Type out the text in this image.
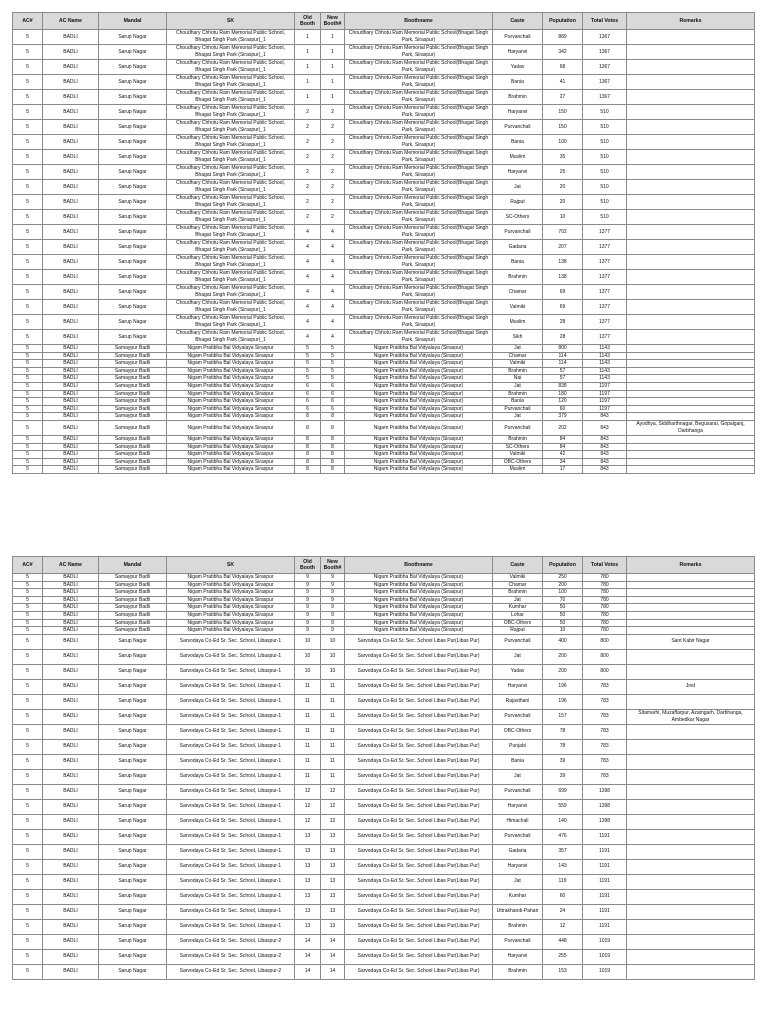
AC#	AC Name	Mandal	SK	Old Booth	New Booth#	Boothname	Caste	Population	Total Votes	Remarks
5	BADLI	Sarup Nagar	Choudhary Chhotu Ram Memorial Public School, Bhagat Singh Park (Siraspur)_1	1	1	Choudhary Chhotu Ram Memorial Public School(Bhagat Singh Park, Siraspur)	Purvanchali	889	1367	
5	BADLI	Sarup Nagar	Choudhary Chhotu Ram Memorial Public School, Bhagat Singh Park (Siraspur)_1	1	1	Choudhary Chhotu Ram Memorial Public School(Bhagat Singh Park, Siraspur)	Haryanvi	342	1367	
5	BADLI	Sarup Nagar	Choudhary Chhotu Ram Memorial Public School, Bhagat Singh Park (Siraspur)_1	1	1	Choudhary Chhotu Ram Memorial Public School(Bhagat Singh Park, Siraspur)	Yadav	68	1367	
5	BADLI	Sarup Nagar	Choudhary Chhotu Ram Memorial Public School, Bhagat Singh Park (Siraspur)_1	1	1	Choudhary Chhotu Ram Memorial Public School(Bhagat Singh Park, Siraspur)	Bania	41	1367	
5	BADLI	Sarup Nagar	Choudhary Chhotu Ram Memorial Public School, Bhagat Singh Park (Siraspur)_1	1	1	Choudhary Chhotu Ram Memorial Public School(Bhagat Singh Park, Siraspur)	Brahmin	27	1367	
5	BADLI	Sarup Nagar	Choudhary Chhotu Ram Memorial Public School, Bhagat Singh Park (Siraspur)_1	2	2	Choudhary Chhotu Ram Memorial Public School(Bhagat Singh Park, Siraspur)	Haryanvi	150	510	
5	BADLI	Sarup Nagar	Choudhary Chhotu Ram Memorial Public School, Bhagat Singh Park (Siraspur)_1	2	2	Choudhary Chhotu Ram Memorial Public School(Bhagat Singh Park, Siraspur)	Purvanchali	150	510	
5	BADLI	Sarup Nagar	Choudhary Chhotu Ram Memorial Public School, Bhagat Singh Park (Siraspur)_1	2	2	Choudhary Chhotu Ram Memorial Public School(Bhagat Singh Park, Siraspur)	Bania	100	510	
5	BADLI	Sarup Nagar	Choudhary Chhotu Ram Memorial Public School, Bhagat Singh Park (Siraspur)_1	2	2	Choudhary Chhotu Ram Memorial Public School(Bhagat Singh Park, Siraspur)	Muslim	35	510	
5	BADLI	Sarup Nagar	Choudhary Chhotu Ram Memorial Public School, Bhagat Singh Park (Siraspur)_1	2	2	Choudhary Chhotu Ram Memorial Public School(Bhagat Singh Park, Siraspur)	Haryanvi	25	510	
5	BADLI	Sarup Nagar	Choudhary Chhotu Ram Memorial Public School, Bhagat Singh Park (Siraspur)_1	2	2	Choudhary Chhotu Ram Memorial Public School(Bhagat Singh Park, Siraspur)	Jat	20	510	
5	BADLI	Sarup Nagar	Choudhary Chhotu Ram Memorial Public School, Bhagat Singh Park (Siraspur)_1	2	2	Choudhary Chhotu Ram Memorial Public School(Bhagat Singh Park, Siraspur)	Rajput	20	510	
5	BADLI	Sarup Nagar	Choudhary Chhotu Ram Memorial Public School, Bhagat Singh Park (Siraspur)_1	2	2	Choudhary Chhotu Ram Memorial Public School(Bhagat Singh Park, Siraspur)	SC-Others	10	510	
5	BADLI	Sarup Nagar	Choudhary Chhotu Ram Memorial Public School, Bhagat Singh Park (Siraspur)_1	4	4	Choudhary Chhotu Ram Memorial Public School(Bhagat Singh Park, Siraspur)	Purvanchali	702	1377	
5	BADLI	Sarup Nagar	Choudhary Chhotu Ram Memorial Public School, Bhagat Singh Park (Siraspur)_1	4	4	Choudhary Chhotu Ram Memorial Public School(Bhagat Singh Park, Siraspur)	Gadaria	207	1377	
5	BADLI	Sarup Nagar	Choudhary Chhotu Ram Memorial Public School, Bhagat Singh Park (Siraspur)_1	4	4	Choudhary Chhotu Ram Memorial Public School(Bhagat Singh Park, Siraspur)	Bania	138	1377	
5	BADLI	Sarup Nagar	Choudhary Chhotu Ram Memorial Public School, Bhagat Singh Park (Siraspur)_1	4	4	Choudhary Chhotu Ram Memorial Public School(Bhagat Singh Park, Siraspur)	Brahmin	138	1377	
5	BADLI	Sarup Nagar	Choudhary Chhotu Ram Memorial Public School, Bhagat Singh Park (Siraspur)_1	4	4	Choudhary Chhotu Ram Memorial Public School(Bhagat Singh Park, Siraspur)	Chamar	69	1377	
5	BADLI	Sarup Nagar	Choudhary Chhotu Ram Memorial Public School, Bhagat Singh Park (Siraspur)_1	4	4	Choudhary Chhotu Ram Memorial Public School(Bhagat Singh Park, Siraspur)	Valmiki	69	1377	
5	BADLI	Sarup Nagar	Choudhary Chhotu Ram Memorial Public School, Bhagat Singh Park (Siraspur)_1	4	4	Choudhary Chhotu Ram Memorial Public School(Bhagat Singh Park, Siraspur)	Muslim	28	1377	
5	BADLI	Sarup Nagar	Choudhary Chhotu Ram Memorial Public School, Bhagat Singh Park (Siraspur)_1	4	4	Choudhary Chhotu Ram Memorial Public School(Bhagat Singh Park, Siraspur)	Sikh	28	1377	
5	BADLI	Samaypur Badli	Nigam Pratibha Bal Vidyalaya Siraspur	5	5	Nigam Pratibha Bal Vidyalaya (Siraspur)	Jat	800	1143	
5	BADLI	Samaypur Badli	Nigam Pratibha Bal Vidyalaya Siraspur	5	5	Nigam Pratibha Bal Vidyalaya (Siraspur)	Chamar	114	1143	
5	BADLI	Samaypur Badli	Nigam Pratibha Bal Vidyalaya Siraspur	5	5	Nigam Pratibha Bal Vidyalaya (Siraspur)	Valmiki	114	1143	
5	BADLI	Samaypur Badli	Nigam Pratibha Bal Vidyalaya Siraspur	5	5	Nigam Pratibha Bal Vidyalaya (Siraspur)	Brahmin	57	1143	
5	BADLI	Samaypur Badli	Nigam Pratibha Bal Vidyalaya Siraspur	5	5	Nigam Pratibha Bal Vidyalaya (Siraspur)	Nai	57	1143	
5	BADLI	Samaypur Badli	Nigam Pratibha Bal Vidyalaya Siraspur	6	6	Nigam Pratibha Bal Vidyalaya (Siraspur)	Jat	838	1197	
5	BADLI	Samaypur Badli	Nigam Pratibha Bal Vidyalaya Siraspur	6	6	Nigam Pratibha Bal Vidyalaya (Siraspur)	Brahmin	180	1197	
5	BADLI	Samaypur Badli	Nigam Pratibha Bal Vidyalaya Siraspur	6	6	Nigam Pratibha Bal Vidyalaya (Siraspur)	Bania	120	1197	
5	BADLI	Samaypur Badli	Nigam Pratibha Bal Vidyalaya Siraspur	6	6	Nigam Pratibha Bal Vidyalaya (Siraspur)	Purvanchali	60	1197	
5	BADLI	Samaypur Badli	Nigam Pratibha Bal Vidyalaya Siraspur	8	8	Nigam Pratibha Bal Vidyalaya (Siraspur)	Jat	379	843	
5	BADLI	Samaypur Badli	Nigam Pratibha Bal Vidyalaya Siraspur	8	8	Nigam Pratibha Bal Vidyalaya (Siraspur)	Purvanchali	202	843	Ayodhya, Siddharthnagar, Begusarai, Gopalganj, Darbhanga
5	BADLI	Samaypur Badli	Nigam Pratibha Bal Vidyalaya Siraspur	8	8	Nigam Pratibha Bal Vidyalaya (Siraspur)	Brahmin	84	843	
5	BADLI	Samaypur Badli	Nigam Pratibha Bal Vidyalaya Siraspur	8	8	Nigam Pratibha Bal Vidyalaya (Siraspur)	SC-Others	84	843	
5	BADLI	Samaypur Badli	Nigam Pratibha Bal Vidyalaya Siraspur	8	8	Nigam Pratibha Bal Vidyalaya (Siraspur)	Valmiki	42	843	
5	BADLI	Samaypur Badli	Nigam Pratibha Bal Vidyalaya Siraspur	8	8	Nigam Pratibha Bal Vidyalaya (Siraspur)	OBC-Others	34	843	
5	BADLI	Samaypur Badli	Nigam Pratibha Bal Vidyalaya Siraspur	8	8	Nigam Pratibha Bal Vidyalaya (Siraspur)	Muslim	17	843	
AC#	AC Name	Mandal	SK	Old Booth	New Booth#	Boothname	Caste	Population	Total Votes	Remarks
5	BADLI	Samaypur Badli	Nigam Pratibha Bal Vidyalaya Siraspur	9	9	Nigam Pratibha Bal Vidyalaya (Siraspur)	Valmiki	250	780	
5	BADLI	Samaypur Badli	Nigam Pratibha Bal Vidyalaya Siraspur	9	9	Nigam Pratibha Bal Vidyalaya (Siraspur)	Chamar	200	780	
5	BADLI	Samaypur Badli	Nigam Pratibha Bal Vidyalaya Siraspur	9	9	Nigam Pratibha Bal Vidyalaya (Siraspur)	Brahmin	100	780	
5	BADLI	Samaypur Badli	Nigam Pratibha Bal Vidyalaya Siraspur	9	9	Nigam Pratibha Bal Vidyalaya (Siraspur)	Jat	70	780	
5	BADLI	Samaypur Badli	Nigam Pratibha Bal Vidyalaya Siraspur	9	9	Nigam Pratibha Bal Vidyalaya (Siraspur)	Kumhar	50	780	
5	BADLI	Samaypur Badli	Nigam Pratibha Bal Vidyalaya Siraspur	9	9	Nigam Pratibha Bal Vidyalaya (Siraspur)	Lohar	50	780	
5	BADLI	Samaypur Badli	Nigam Pratibha Bal Vidyalaya Siraspur	9	9	Nigam Pratibha Bal Vidyalaya (Siraspur)	OBC-Others	50	780	
5	BADLI	Samaypur Badli	Nigam Pratibha Bal Vidyalaya Siraspur	9	9	Nigam Pratibha Bal Vidyalaya (Siraspur)	Rajput	10	780	
5	BADLI	Sarup Nagar	Sarvodaya Co-Ed Sr. Sec. School, Libaspur-1	10	10	Sarvodaya Co-Ed Sr. Sec. School Libas Pur(Libas Pur)	Purvanchali	400	800	Sant Kabir Nagar
5	BADLI	Sarup Nagar	Sarvodaya Co-Ed Sr. Sec. School, Libaspur-1	10	10	Sarvodaya Co-Ed Sr. Sec. School Libas Pur(Libas Pur)	Jat	200	800	
5	BADLI	Sarup Nagar	Sarvodaya Co-Ed Sr. Sec. School, Libaspur-1	10	10	Sarvodaya Co-Ed Sr. Sec. School Libas Pur(Libas Pur)	Yadav	200	800	
5	BADLI	Sarup Nagar	Sarvodaya Co-Ed Sr. Sec. School, Libaspur-1	11	11	Sarvodaya Co-Ed Sr. Sec. School Libas Pur(Libas Pur)	Haryanvi	196	783	Jind
5	BADLI	Sarup Nagar	Sarvodaya Co-Ed Sr. Sec. School, Libaspur-1	11	11	Sarvodaya Co-Ed Sr. Sec. School Libas Pur(Libas Pur)	Rajasthani	196	783	
5	BADLI	Sarup Nagar	Sarvodaya Co-Ed Sr. Sec. School, Libaspur-1	11	11	Sarvodaya Co-Ed Sr. Sec. School Libas Pur(Libas Pur)	Purvanchali	157	783	Sitamarhi, Muzaffarpur, Azamgarh, Darbhanga, Ambedkar Nagar
5	BADLI	Sarup Nagar	Sarvodaya Co-Ed Sr. Sec. School, Libaspur-1	11	11	Sarvodaya Co-Ed Sr. Sec. School Libas Pur(Libas Pur)	OBC-Others	78	783	
5	BADLI	Sarup Nagar	Sarvodaya Co-Ed Sr. Sec. School, Libaspur-1	11	11	Sarvodaya Co-Ed Sr. Sec. School Libas Pur(Libas Pur)	Punjabi	78	783	
5	BADLI	Sarup Nagar	Sarvodaya Co-Ed Sr. Sec. School, Libaspur-1	11	11	Sarvodaya Co-Ed Sr. Sec. School Libas Pur(Libas Pur)	Bania	39	783	
5	BADLI	Sarup Nagar	Sarvodaya Co-Ed Sr. Sec. School, Libaspur-1	11	11	Sarvodaya Co-Ed Sr. Sec. School Libas Pur(Libas Pur)	Jat	39	783	
5	BADLI	Sarup Nagar	Sarvodaya Co-Ed Sr. Sec. School, Libaspur-1	12	12	Sarvodaya Co-Ed Sr. Sec. School Libas Pur(Libas Pur)	Purvanchali	699	1398	
5	BADLI	Sarup Nagar	Sarvodaya Co-Ed Sr. Sec. School, Libaspur-1	12	12	Sarvodaya Co-Ed Sr. Sec. School Libas Pur(Libas Pur)	Haryanvi	559	1398	
5	BADLI	Sarup Nagar	Sarvodaya Co-Ed Sr. Sec. School, Libaspur-1	12	12	Sarvodaya Co-Ed Sr. Sec. School Libas Pur(Libas Pur)	Himachali	140	1398	
5	BADLI	Sarup Nagar	Sarvodaya Co-Ed Sr. Sec. School, Libaspur-1	13	13	Sarvodaya Co-Ed Sr. Sec. School Libas Pur(Libas Pur)	Purvanchali	476	1191	
5	BADLI	Sarup Nagar	Sarvodaya Co-Ed Sr. Sec. School, Libaspur-1	13	13	Sarvodaya Co-Ed Sr. Sec. School Libas Pur(Libas Pur)	Gadaria	357	1191	
5	BADLI	Sarup Nagar	Sarvodaya Co-Ed Sr. Sec. School, Libaspur-1	13	13	Sarvodaya Co-Ed Sr. Sec. School Libas Pur(Libas Pur)	Haryanvi	143	1191	
5	BADLI	Sarup Nagar	Sarvodaya Co-Ed Sr. Sec. School, Libaspur-1	13	13	Sarvodaya Co-Ed Sr. Sec. School Libas Pur(Libas Pur)	Jat	119	1191	
5	BADLI	Sarup Nagar	Sarvodaya Co-Ed Sr. Sec. School, Libaspur-1	13	13	Sarvodaya Co-Ed Sr. Sec. School Libas Pur(Libas Pur)	Kumhar	60	1191	
5	BADLI	Sarup Nagar	Sarvodaya Co-Ed Sr. Sec. School, Libaspur-1	13	13	Sarvodaya Co-Ed Sr. Sec. School Libas Pur(Libas Pur)	Uttrakhandi-Pahari	24	1191	
5	BADLI	Sarup Nagar	Sarvodaya Co-Ed Sr. Sec. School, Libaspur-1	13	13	Sarvodaya Co-Ed Sr. Sec. School Libas Pur(Libas Pur)	Brahmin	12	1191	
5	BADLI	Sarup Nagar	Sarvodaya Co-Ed Sr. Sec. School, Libaspur-2	14	14	Sarvodaya Co-Ed Sr. Sec. School Libas Pur(Libas Pur)	Purvanchali	448	1019	
5	BADLI	Sarup Nagar	Sarvodaya Co-Ed Sr. Sec. School, Libaspur-2	14	14	Sarvodaya Co-Ed Sr. Sec. School Libas Pur(Libas Pur)	Haryanvi	255	1019	
5	BADLI	Sarup Nagar	Sarvodaya Co-Ed Sr. Sec. School, Libaspur-2	14	14	Sarvodaya Co-Ed Sr. Sec. School Libas Pur(Libas Pur)	Brahmin	153	1019	
